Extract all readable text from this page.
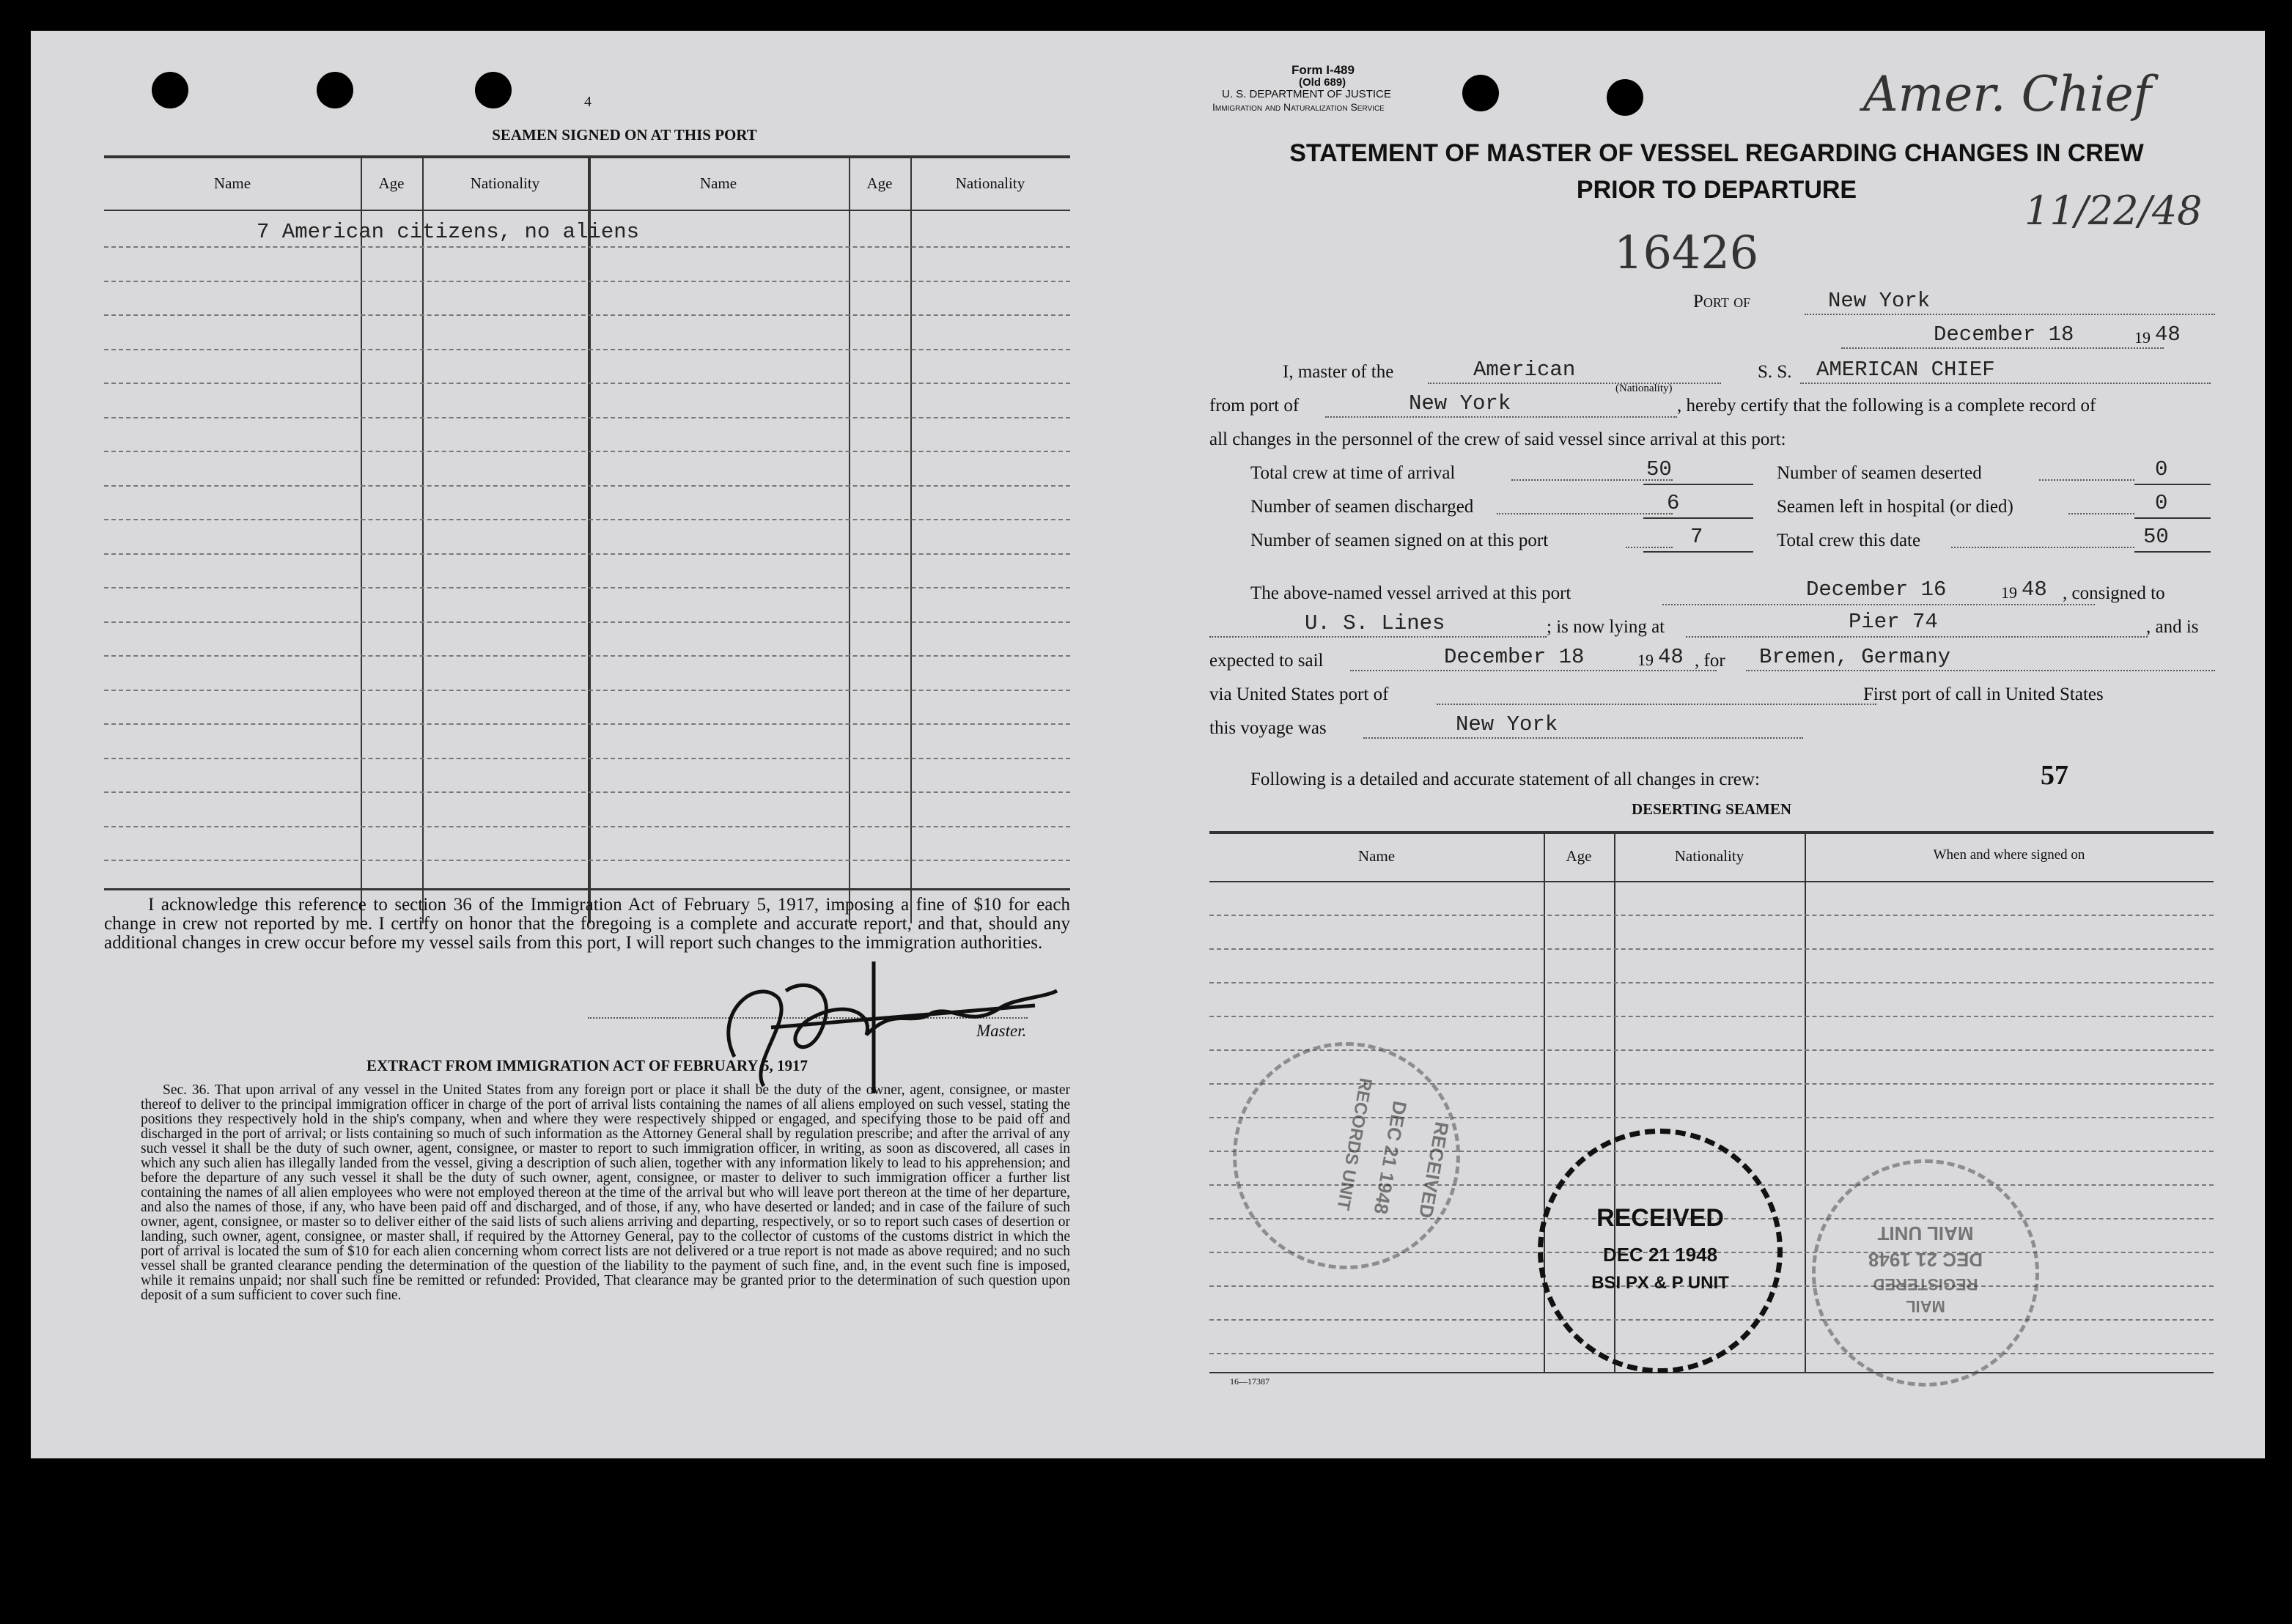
4
SEAMEN SIGNED ON AT THIS PORT
Name	Age	Nationality	Name	Age	Nationality
7 American citizens, no aliens
I acknowledge this reference to section 36 of the Immigration Act of February 5, 1917, imposing a fine of $10 for each change in crew not reported by me. I certify on honor that the foregoing is a complete and accurate report, and that, should any additional changes in crew occur before my vessel sails from this port, I will report such changes to the immigration authorities.
Master.
EXTRACT FROM IMMIGRATION ACT OF FEBRUARY 5, 1917
Sec. 36. That upon arrival of any vessel in the United States from any foreign port or place it shall be the duty of the owner, agent, consignee, or master thereof to deliver to the principal immigration officer in charge of the port of arrival lists containing the names of all aliens employed on such vessel, stating the positions they respectively hold in the ship's company, when and where they were respectively shipped or engaged, and specifying those to be paid off and discharged in the port of arrival; or lists containing so much of such information as the Attorney General shall by regulation prescribe; and after the arrival of any such vessel it shall be the duty of such owner, agent, consignee, or master to report to such immigration officer, in writing, as soon as discovered, all cases in which any such alien has illegally landed from the vessel, giving a description of such alien, together with any information likely to lead to his apprehension; and before the departure of any such vessel it shall be the duty of such owner, agent, consignee, or master to deliver to such immigration officer a further list containing the names of all alien employees who were not employed thereon at the time of the arrival but who will leave port thereon at the time of her departure, and also the names of those, if any, who have been paid off and discharged, and of those, if any, who have deserted or landed; and in case of the failure of such owner, agent, consignee, or master so to deliver either of the said lists of such aliens arriving and departing, respectively, or so to report such cases of desertion or landing, such owner, agent, consignee, or master shall, if required by the Attorney General, pay to the collector of customs of the customs district in which the port of arrival is located the sum of $10 for each alien concerning whom correct lists are not delivered or a true report is not made as above required; and no such vessel shall be granted clearance pending the determination of the question of the liability to the payment of such fine, and, in the event such fine is imposed, while it remains unpaid; nor shall such fine be remitted or refunded: Provided, That clearance may be granted prior to the determination of such question upon deposit of a sum sufficient to cover such fine.
Form I-489
(Old 689)
U. S. DEPARTMENT OF JUSTICE
Immigration and Naturalization Service	Amer. Chief
11/22/48
STATEMENT OF MASTER OF VESSEL REGARDING CHANGES IN CREW
PRIOR TO DEPARTURE
16426
Port of	New York
December 18	19 48
I, master of the	American
(Nationality)
S. S. AMERICAN CHIEF
from port of	New York	, hereby certify that the following is a complete record of
all changes in the personnel of the crew of said vessel since arrival at this port:
Total crew at time of arrival	50
Number of seamen discharged	6
Number of seamen signed on at this port	7
Number of seamen deserted	0
Seamen left in hospital (or died)	0
Total crew this date	50
The above-named vessel arrived at this port	December 16	19 48 , consigned to
U. S. Lines	; is now lying at	Pier 74	, and is
expected to sail	December 18	19 48 , for Bremen, Germany
via United States port of	First port of call in United States
this voyage was	New York
Following is a detailed and accurate statement of all changes in crew:	57
DESERTING SEAMEN
Name	Age	Nationality	When and where signed on
16—17387
RECORDS UNIT
DEC 21 1948 RECEIVED	RECEIVED
DEC 21 1948
BSI PX & P UNIT
MAIL UNIT
DEC 21 1948
REGISTERED
MAIL
